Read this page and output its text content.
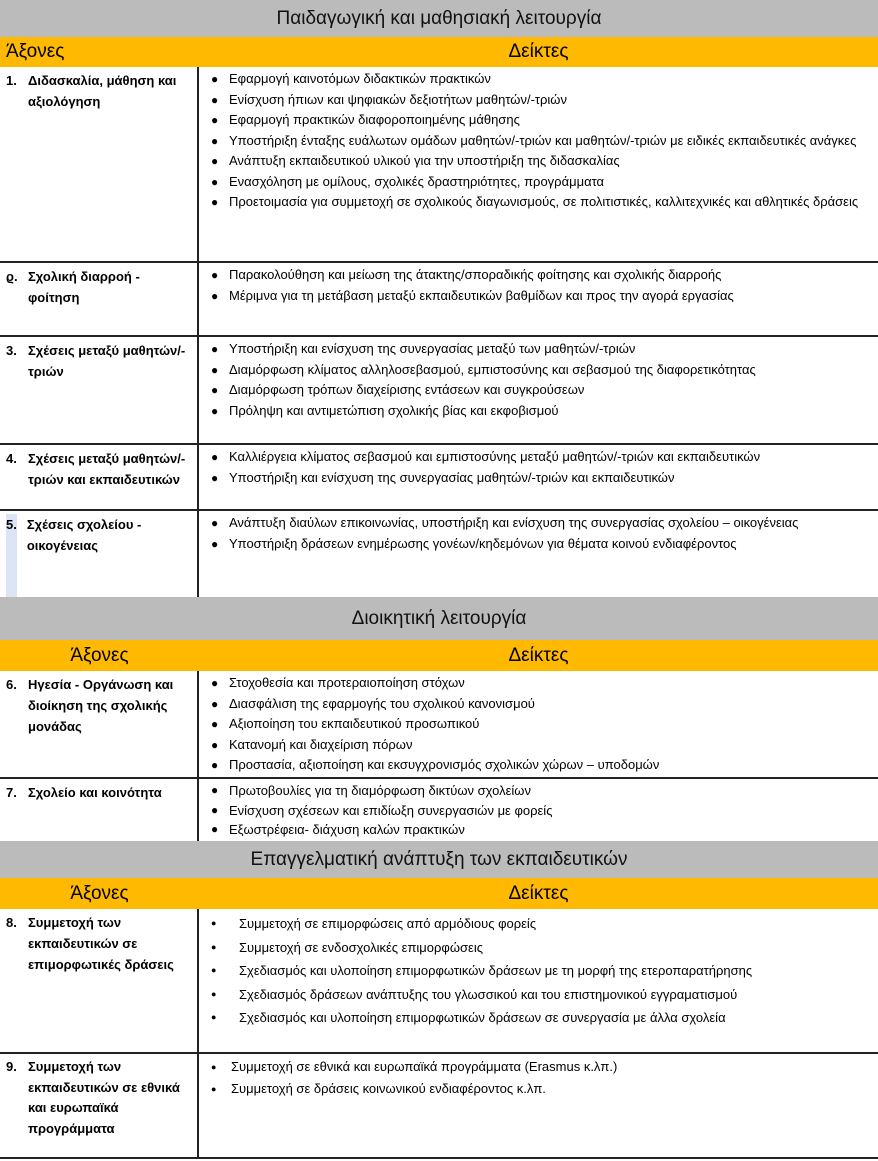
Παιδαγωγική και μαθησιακή λειτουργία
Άξονες	Δείκτες
1. Διδασκαλία, μάθηση και αξιολόγηση
● Εφαρμογή καινοτόμων διδακτικών πρακτικών
● Ενίσχυση ήπιων και ψηφιακών δεξιοτήτων μαθητών/-τριών
● Εφαρμογή πρακτικών διαφοροποιημένης μάθησης
● Υποστήριξη ένταξης ευάλωτων ομάδων μαθητών/-τριών και μαθητών/-τριών με ειδικές εκπαιδευτικές ανάγκες
● Ανάπτυξη εκπαιδευτικού υλικού για την υποστήριξη της διδασκαλίας
● Ενασχόληση με ομίλους, σχολικές δραστηριότητες, προγράμματα
● Προετοιμασία για συμμετοχή σε σχολικούς διαγωνισμούς, σε πολιτιστικές, καλλιτεχνικές και αθλητικές δράσεις
ϱ. Σχολική διαρροή - φοίτηση
● Παρακολούθηση και μείωση της άτακτης/σποραδικής φοίτησης και σχολικής διαρροής
● Μέριμνα για τη μετάβαση μεταξύ εκπαιδευτικών βαθμίδων και προς την αγορά εργασίας
3. Σχέσεις μεταξύ μαθητών/-τριών
● Υποστήριξη και ενίσχυση της συνεργασίας μεταξύ των μαθητών/-τριών
● Διαμόρφωση κλίματος αλληλοσεβασμού, εμπιστοσύνης και σεβασμού της διαφορετικότητας
● Διαμόρφωση τρόπων διαχείρισης εντάσεων και συγκρούσεων
● Πρόληψη και αντιμετώπιση σχολικής βίας και εκφοβισμού
4. Σχέσεις μεταξύ μαθητών/-τριών και εκπαιδευτικών
● Καλλιέργεια κλίματος σεβασμού και εμπιστοσύνης μεταξύ μαθητών/-τριών και εκπαιδευτικών
● Υποστήριξη και ενίσχυση της συνεργασίας μαθητών/-τριών και εκπαιδευτικών
5. Σχέσεις σχολείου - οικογένειας
● Ανάπτυξη διαύλων επικοινωνίας, υποστήριξη και ενίσχυση της συνεργασίας σχολείου – οικογένειας
● Υποστήριξη δράσεων ενημέρωσης γονέων/κηδεμόνων για θέματα κοινού ενδιαφέροντος
Διοικητική λειτουργία
Άξονες	Δείκτες
6. Ηγεσία - Οργάνωση και διοίκηση της σχολικής μονάδας
● Στοχοθεσία και προτεραιοποίηση στόχων
● Διασφάλιση της εφαρμογής του σχολικού κανονισμού
● Αξιοποίηση του εκπαιδευτικού προσωπικού
● Κατανομή και διαχείριση πόρων
● Προστασία, αξιοποίηση και εκσυγχρονισμός σχολικών χώρων – υποδομών
7. Σχολείο και κοινότητα	● Πρωτοβουλίες για τη διαμόρφωση δικτύων σχολείων
● Ενίσχυση σχέσεων και επιδίωξη συνεργασιών με φορείς
● Εξωστρέφεια- διάχυση καλών πρακτικών
Επαγγελματική ανάπτυξη των εκπαιδευτικών
Άξονες	Δείκτες
8. Συμμετοχή των εκπαιδευτικών σε επιμορφωτικές δράσεις
●	Συμμετοχή σε επιμορφώσεις από αρμόδιους φορείς
●	Συμμετοχή σε ενδοσχολικές επιμορφώσεις
●	Σχεδιασμός και υλοποίηση επιμορφωτικών δράσεων με τη μορφή της ετεροπαρατήρησης
●	Σχεδιασμός δράσεων ανάπτυξης του γλωσσικού και του επιστημονικού εγγραματισμού
●	Σχεδιασμός και υλοποίηση επιμορφωτικών δράσεων σε συνεργασία με άλλα σχολεία
9. Συμμετοχή των εκπαιδευτικών σε εθνικά και ευρωπαϊκά προγράμματα
●	Συμμετοχή σε εθνικά και ευρωπαϊκά προγράμματα (Erasmus κ.λπ.)
●	Συμμετοχή σε δράσεις κοινωνικού ενδιαφέροντος κ.λπ.
